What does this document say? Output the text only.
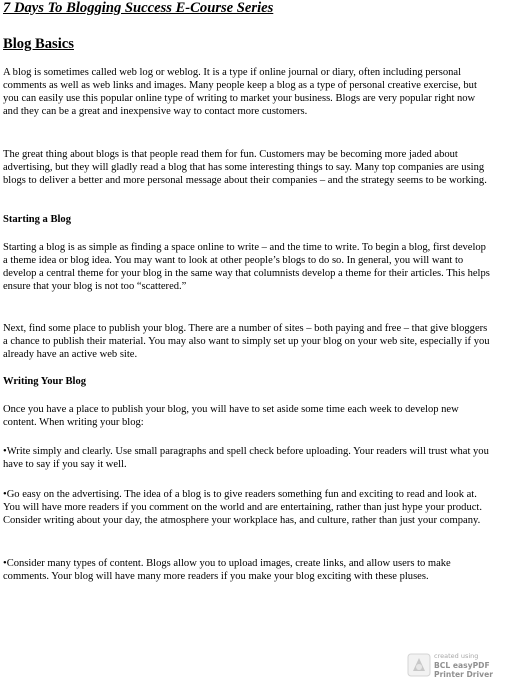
7 Days To Blogging Success E-Course Series
Blog Basics

A blog is sometimes called web log or weblog. It is a type if online journal or diary, often including personal comments as well as web links and images. Many people keep a blog as a type of personal creative exercise, but you can easily use this popular online type of writing to market your business. Blogs are very popular right now and they can be a great and inexpensive way to contact more customers.

The great thing about blogs is that people read them for fun. Customers may be becoming more jaded about advertising, but they will gladly read a blog that has some interesting things to say. Many top companies are using blogs to deliver a better and more personal message about their companies – and the strategy seems to be working.

Starting a Blog

Starting a blog is as simple as finding a space online to write – and the time to write. To begin a blog, first develop a theme idea or blog idea. You may want to look at other people’s blogs to do so. In general, you will want to develop a central theme for your blog in the same way that columnists develop a theme for their articles. This helps ensure that your blog is not too “scattered.”

Next, find some place to publish your blog. There are a number of sites – both paying and free – that give bloggers a chance to publish their material. You may also want to simply set up your blog on your web site, especially if you already have an active web site.

Writing Your Blog

Once you have a place to publish your blog, you will have to set aside some time each week to develop new content. When writing your blog:

•Write simply and clearly. Use small paragraphs and spell check before uploading. Your readers will trust what you have to say if you say it well.

•Go easy on the advertising. The idea of a blog is to give readers something fun and exciting to read and look at. You will have more readers if you comment on the world and are entertaining, rather than just hype your product. Consider writing about your day, the atmosphere your workplace has, and culture, rather than just your company.

•Consider many types of content. Blogs allow you to upload images, create links, and allow users to make comments. Your blog will have many more readers if you make your blog exciting with these pluses.

created using
BCL easyPDF
Printer Driver
